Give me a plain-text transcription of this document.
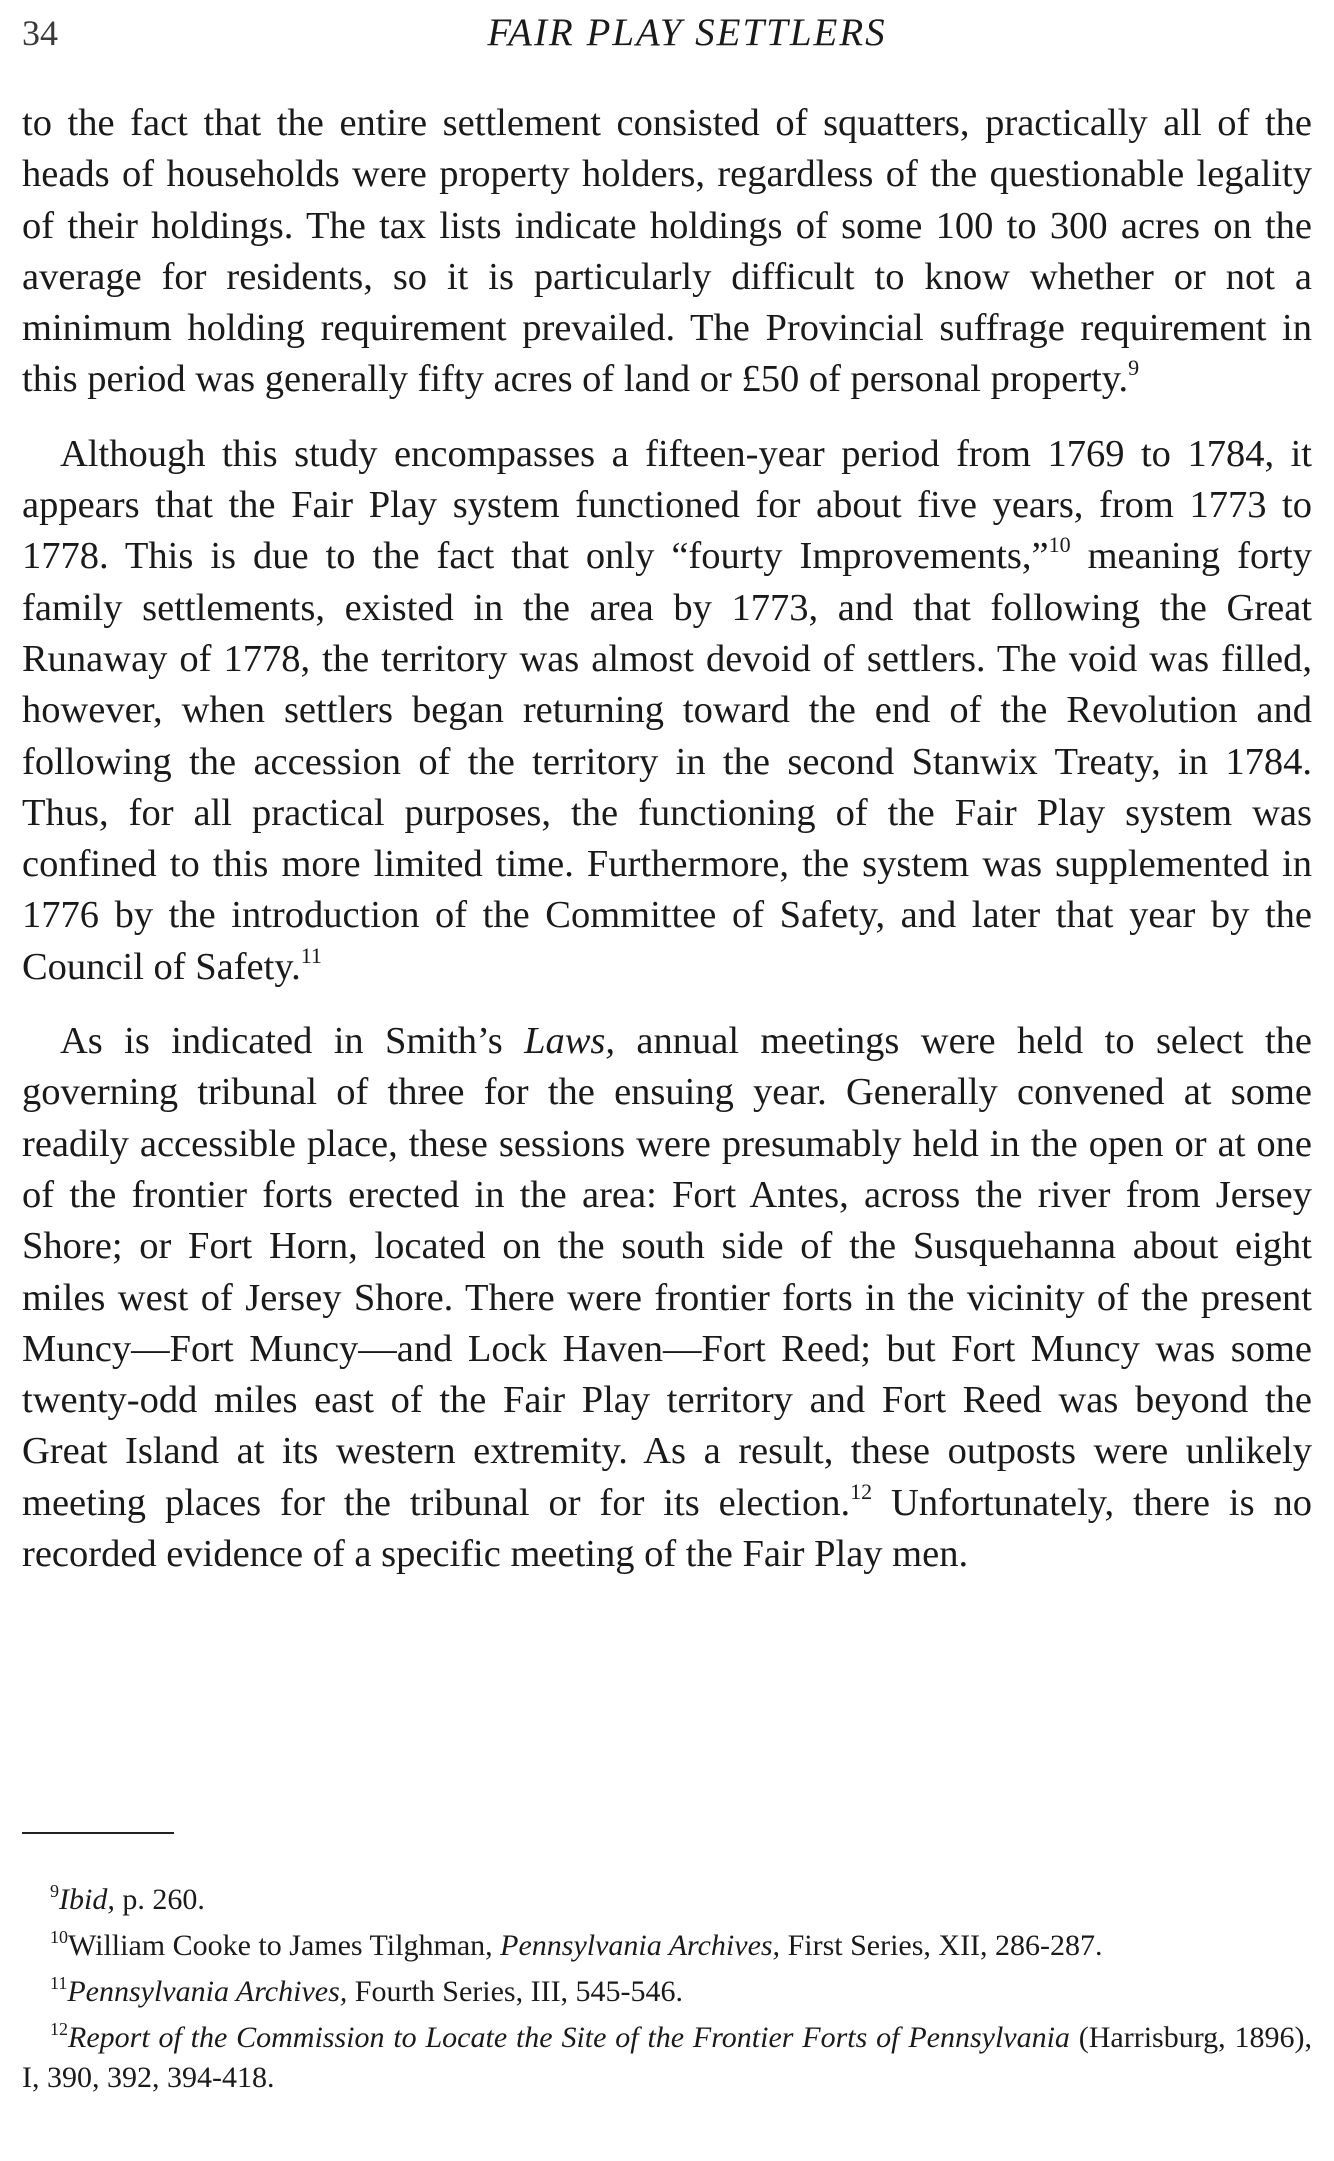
34	FAIR PLAY SETTLERS

to the fact that the entire settlement consisted of squatters, practically all of the heads of households were property holders, regardless of the questionable legality of their holdings. The tax lists indicate holdings of some 100 to 300 acres on the average for residents, so it is particularly difficult to know whether or not a minimum holding requirement prevailed. The Provincial suffrage requirement in this period was generally fifty acres of land or £50 of personal property.$^9$

Although this study encompasses a fifteen-year period from 1769 to 1784, it appears that the Fair Play system functioned for about five years, from 1773 to 1778. This is due to the fact that only “fourty Improvements,”$^{10}$ meaning forty family settlements, existed in the area by 1773, and that following the Great Runaway of 1778, the territory was almost devoid of settlers. The void was filled, however, when settlers began returning toward the end of the Revolution and following the accession of the territory in the second Stanwix Treaty, in 1784. Thus, for all practical purposes, the functioning of the Fair Play system was confined to this more limited time. Furthermore, the system was supplemented in 1776 by the introduction of the Committee of Safety, and later that year by the Council of Safety.$^{11}$

As is indicated in Smith’s Laws, annual meetings were held to select the governing tribunal of three for the ensuing year. Generally convened at some readily accessible place, these sessions were presumably held in the open or at one of the frontier forts erected in the area: Fort Antes, across the river from Jersey Shore; or Fort Horn, located on the south side of the Susquehanna about eight miles west of Jersey Shore. There were frontier forts in the vicinity of the present Muncy—Fort Muncy—and Lock Haven—Fort Reed; but Fort Muncy was some twenty-odd miles east of the Fair Play territory and Fort Reed was beyond the Great Island at its western extremity. As a result, these outposts were unlikely meeting places for the tribunal or for its election.$^{12}$ Unfortunately, there is no recorded evidence of a specific meeting of the Fair Play men.

$^9$Ibid, p. 260.

$^{10}$William Cooke to James Tilghman, Pennsylvania Archives, First Series, XII, 286-287.

$^{11}$Pennsylvania Archives, Fourth Series, III, 545-546.

$^{12}$Report of the Commission to Locate the Site of the Frontier Forts of Pennsylvania (Harrisburg, 1896), I, 390, 392, 394-418.
